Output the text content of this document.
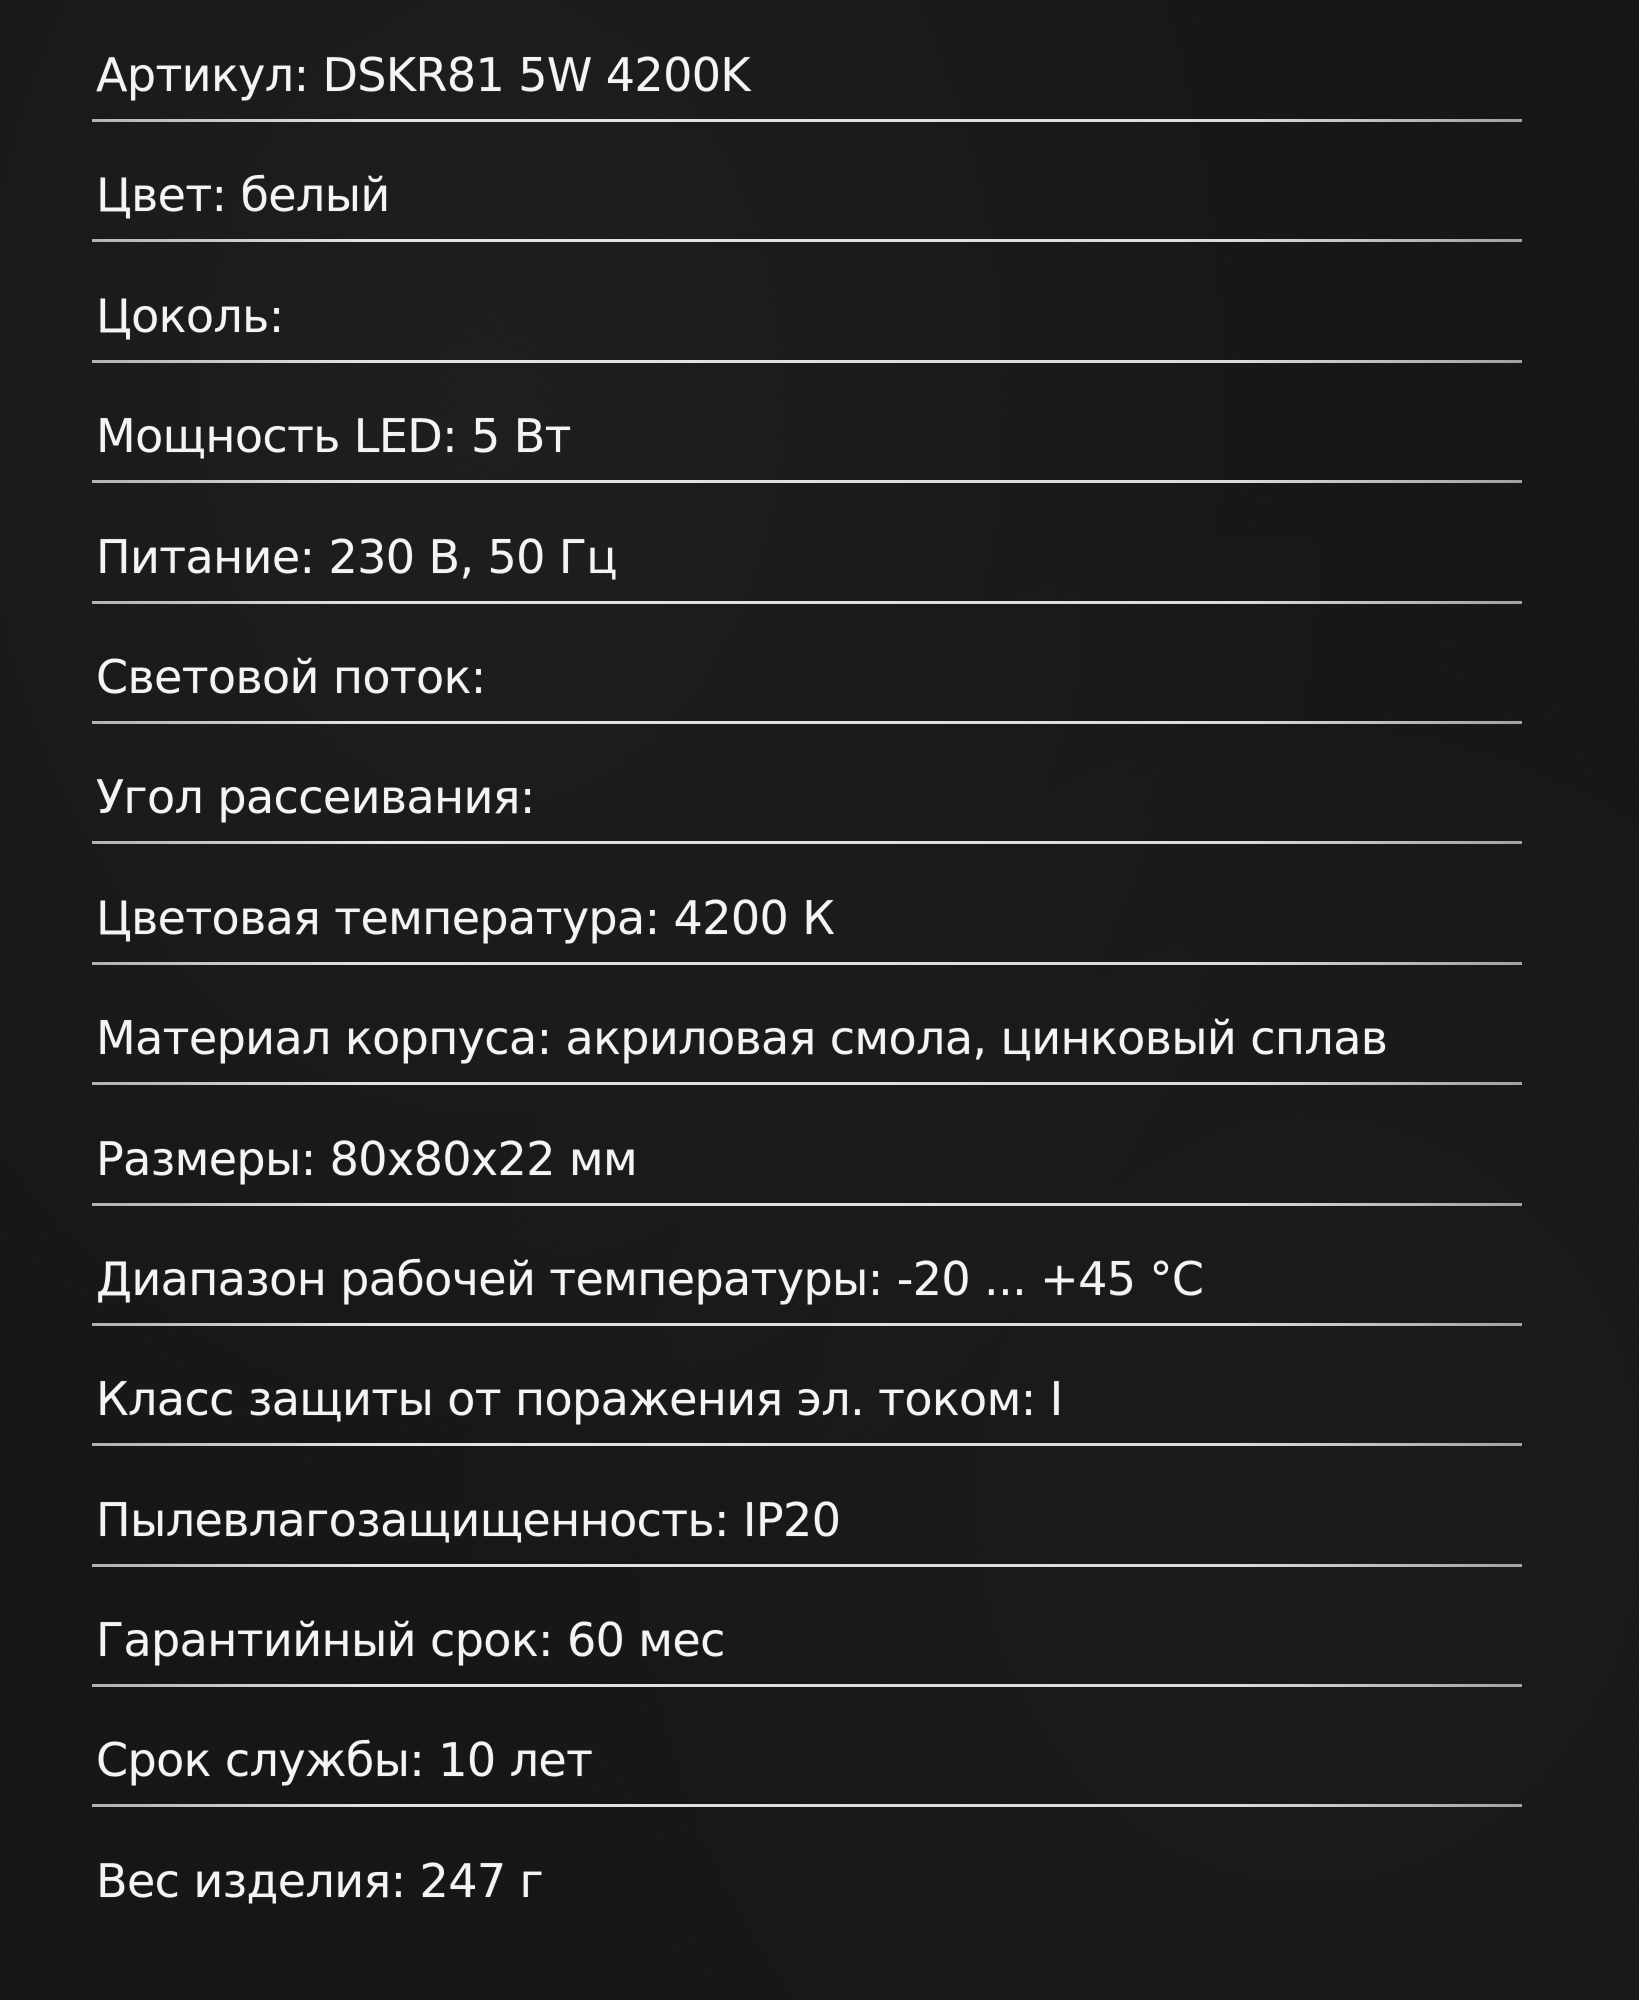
Артикул: DSKR81 5W 4200K
Цвет: белый
Цоколь:
Мощность LED: 5 Вт
Питание: 230 В, 50 Гц
Световой поток:
Угол рассеивания:
Цветовая температура: 4200 К
Материал корпуса: акриловая смола, цинковый сплав
Размеры: 80х80х22 мм
Диапазон рабочей температуры: -20 ... +45 °С
Класс защиты от поражения эл. током: I
Пылевлагозащищенность: IP20
Гарантийный срок: 60 мес
Срок службы: 10 лет
Вес изделия: 247 г
